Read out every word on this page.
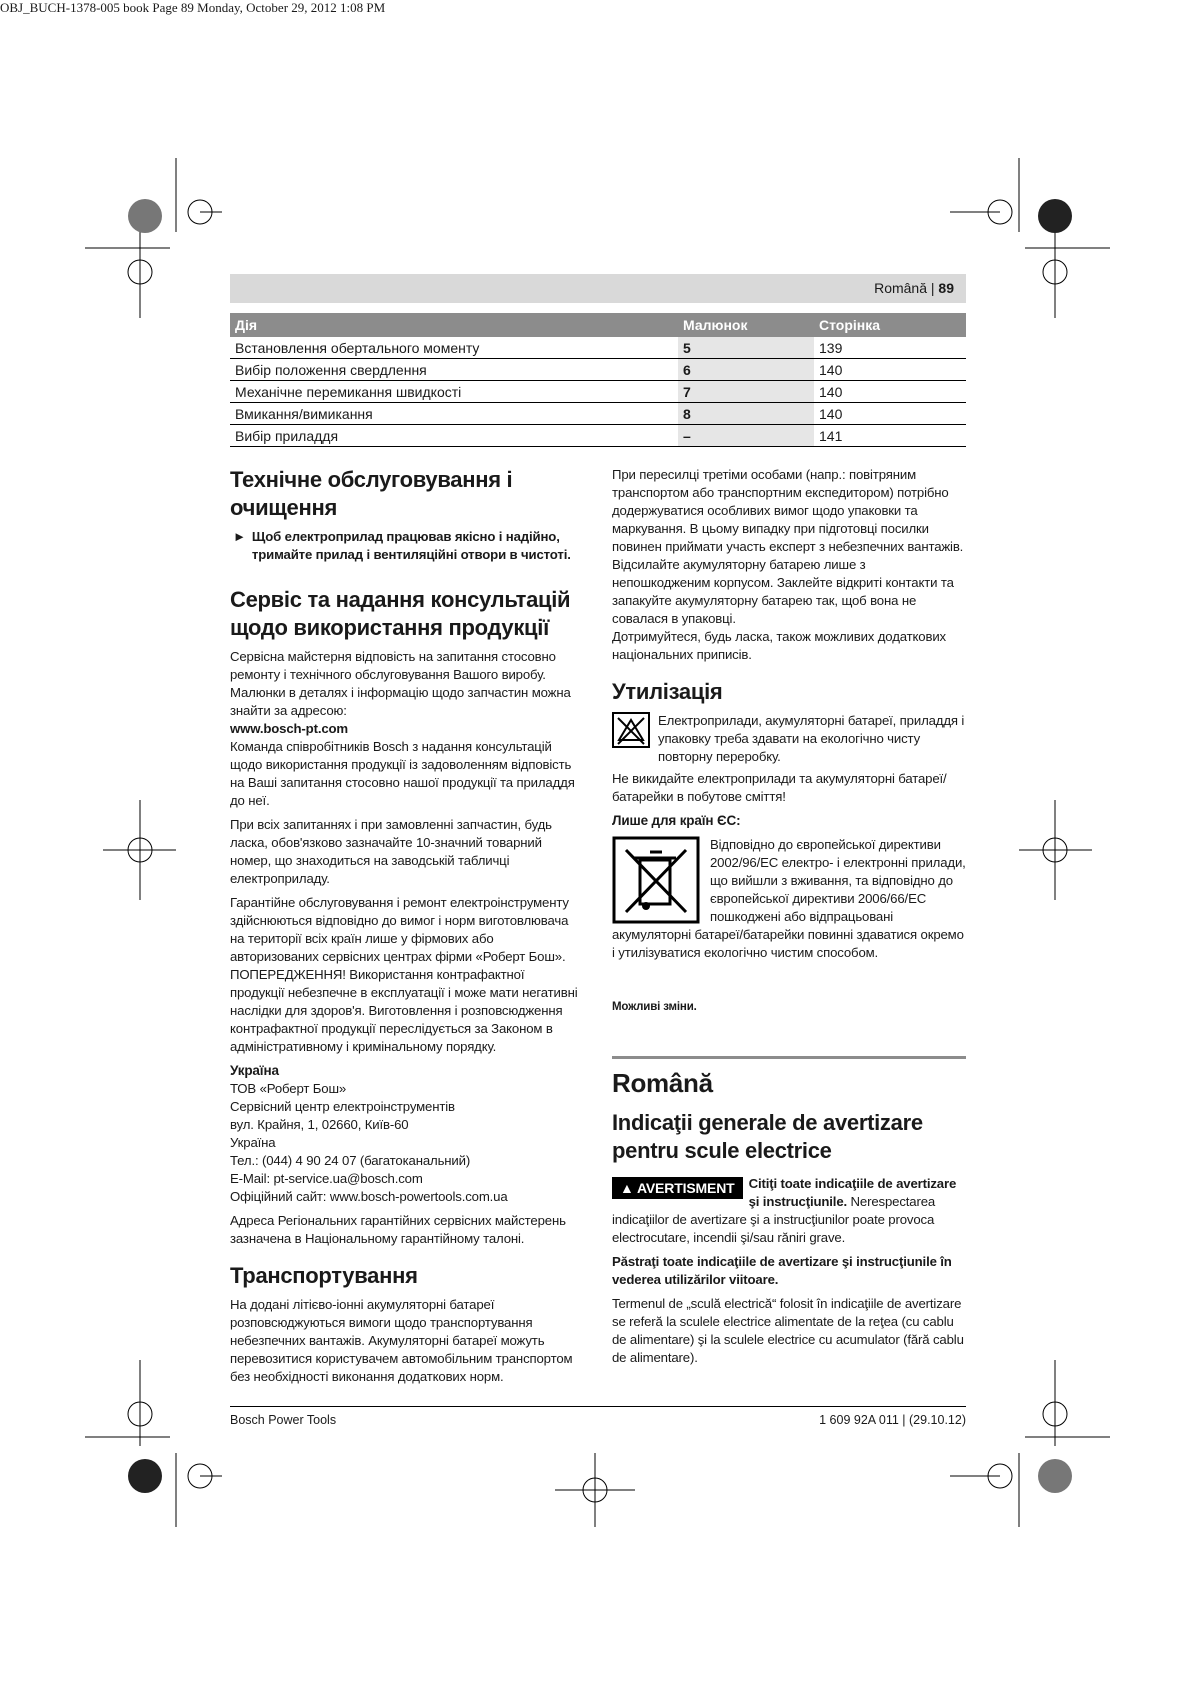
OBJ_BUCH-1378-005 book Page 89 Monday, October 29, 2012 1:08 PM
Română | 89
Дія	Малюнок	Сторінка
Встановлення обертального моменту	5	139
Вибір положення свердлення	6	140
Механічне перемикання швидкості	7	140
Вмикання/вимикання	8	140
Вибір приладдя	–	141
Технічне обслуговування і очищення
► Щоб електроприлад працював якісно і надійно, тримайте прилад і вентиляційні отвори в чистоті.
Сервіс та надання консультацій щодо використання продукції

Сервісна майстерня відповість на запитання стосовно ремонту і технічного обслуговування Вашого виробу. Малюнки в деталях і інформацію щодо запчастин можна знайти за адресою:

www.bosch-pt.com

Команда співробітників Bosch з надання консультацій щодо використання продукції із задоволенням відповість на Ваші запитання стосовно нашої продукції та приладдя до неї.

При всіх запитаннях і при замовленні запчастин, будь ласка, обов'язково зазначайте 10-значний товарний номер, що знаходиться на заводській табличці електроприладу.

Гарантійне обслуговування і ремонт електроінструменту здійснюються відповідно до вимог і норм виготовлювача на території всіх країн лише у фірмових або авторизованих сервісних центрах фірми «Роберт Бош». ПОПЕРЕДЖЕННЯ! Використання контрафактної продукції небезпечне в експлуатації і може мати негативні наслідки для здоров'я. Виготовлення і розповсюдження контрафактної продукції переслідується за Законом в адміністративному і кримінальному порядку.

Україна
ТОВ «Роберт Бош»
Сервісний центр електроінструментів
вул. Крайня, 1, 02660, Київ-60
Україна
Тел.: (044) 4 90 24 07 (багатоканальний)
E-Mail: pt-service.ua@bosch.com
Офіційний сайт: www.bosch-powertools.com.ua

Адреса Регіональних гарантійних сервісних майстерень зазначена в Національному гарантійному талоні.

Транспортування

На додані літієво-іонні акумуляторні батареї розповсюджуються вимоги щодо транспортування небезпечних вантажів. Акумуляторні батареї можуть перевозитися користувачем автомобільним транспортом без необхідності виконання додаткових норм.

При пересилці третіми особами (напр.: повітряним транспортом або транспортним експедитором) потрібно додержуватися особливих вимог щодо упаковки та маркування. В цьому випадку при підготовці посилки повинен приймати участь експерт з небезпечних вантажів.

Відсилайте акумуляторну батарею лише з непошкодженим корпусом. Заклейте відкриті контакти та запакуйте акумуляторну батарею так, щоб вона не совалася в упаковці.

Дотримуйтеся, будь ласка, також можливих додаткових національних приписів.

Утилізація

Електроприлади, акумуляторні батареї, приладдя і упаковку треба здавати на екологічно чисту повторну переробку.

Не викидайте електроприлади та акумуляторні батареї/батарейки в побутове сміття!

Лише для країн ЄС:

Відповідно до європейської директиви 2002/96/EC електро- і електронні прилади, що вийшли з вживання, та відповідно до європейської директиви 2006/66/EC пошкоджені або відпрацьовані акумуляторні батареї/батарейки повинні здаватися окремо і утилізуватися екологічно чистим способом.

Можливі зміни.

Română
Indicaţii generale de avertizare pentru scule electrice

▲ AVERTISMENT	Citiţi toate indicaţiile de avertizare şi instrucţiunile. Nerespectarea indicaţiilor de avertizare şi a instrucţiunilor poate provoca electrocutare, incendii şi/sau răniri grave.

Păstraţi toate indicaţiile de avertizare şi instrucţiunile în vederea utilizărilor viitoare.

Termenul de „sculă electrică“ folosit în indicaţiile de avertizare se referă la sculele electrice alimentate de la reţea (cu cablu de alimentare) şi la sculele electrice cu acumulator (fără cablu de alimentare).

Bosch Power Tools	1 609 92A 011 | (29.10.12)
